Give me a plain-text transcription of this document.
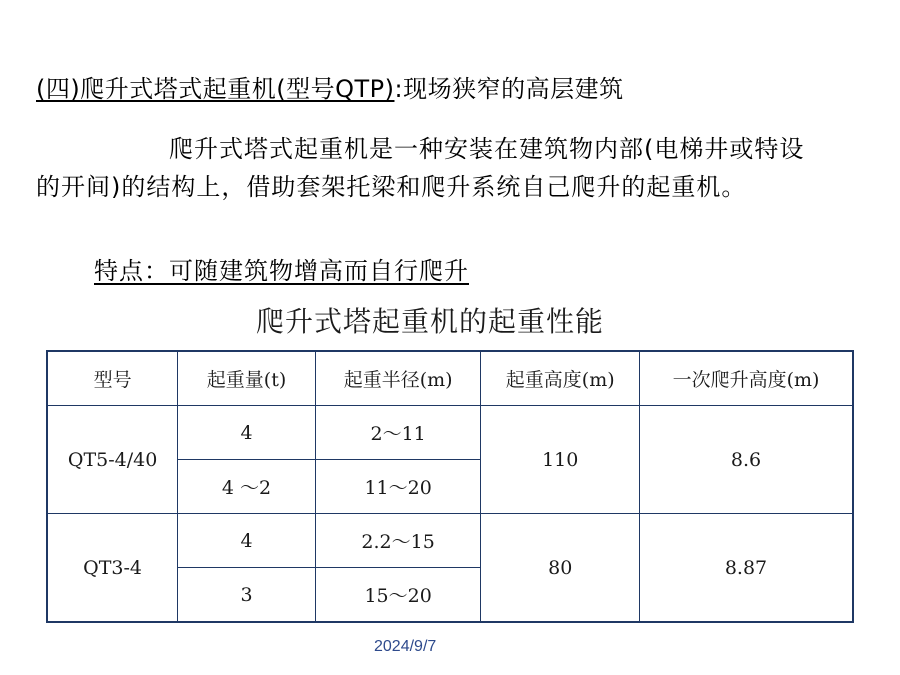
(四)爬升式塔式起重机(型号QTP):现场狭窄的高层建筑

爬升式塔式起重机是一种安装在建筑物内部(电梯井或特设的开间)的结构上，借助套架托梁和爬升系统自己爬升的起重机。

特点：可随建筑物增高而自行爬升
爬升式塔起重机的起重性能
型号	起重量(t)	起重半径(m)	起重高度(m)	一次爬升高度(m)
QT5-4/40	4	2～11	110	8.6
	4 ～2	11～20		
QT3-4	4	2.2～15	80	8.87
	3	15～20		
2024/9/7
